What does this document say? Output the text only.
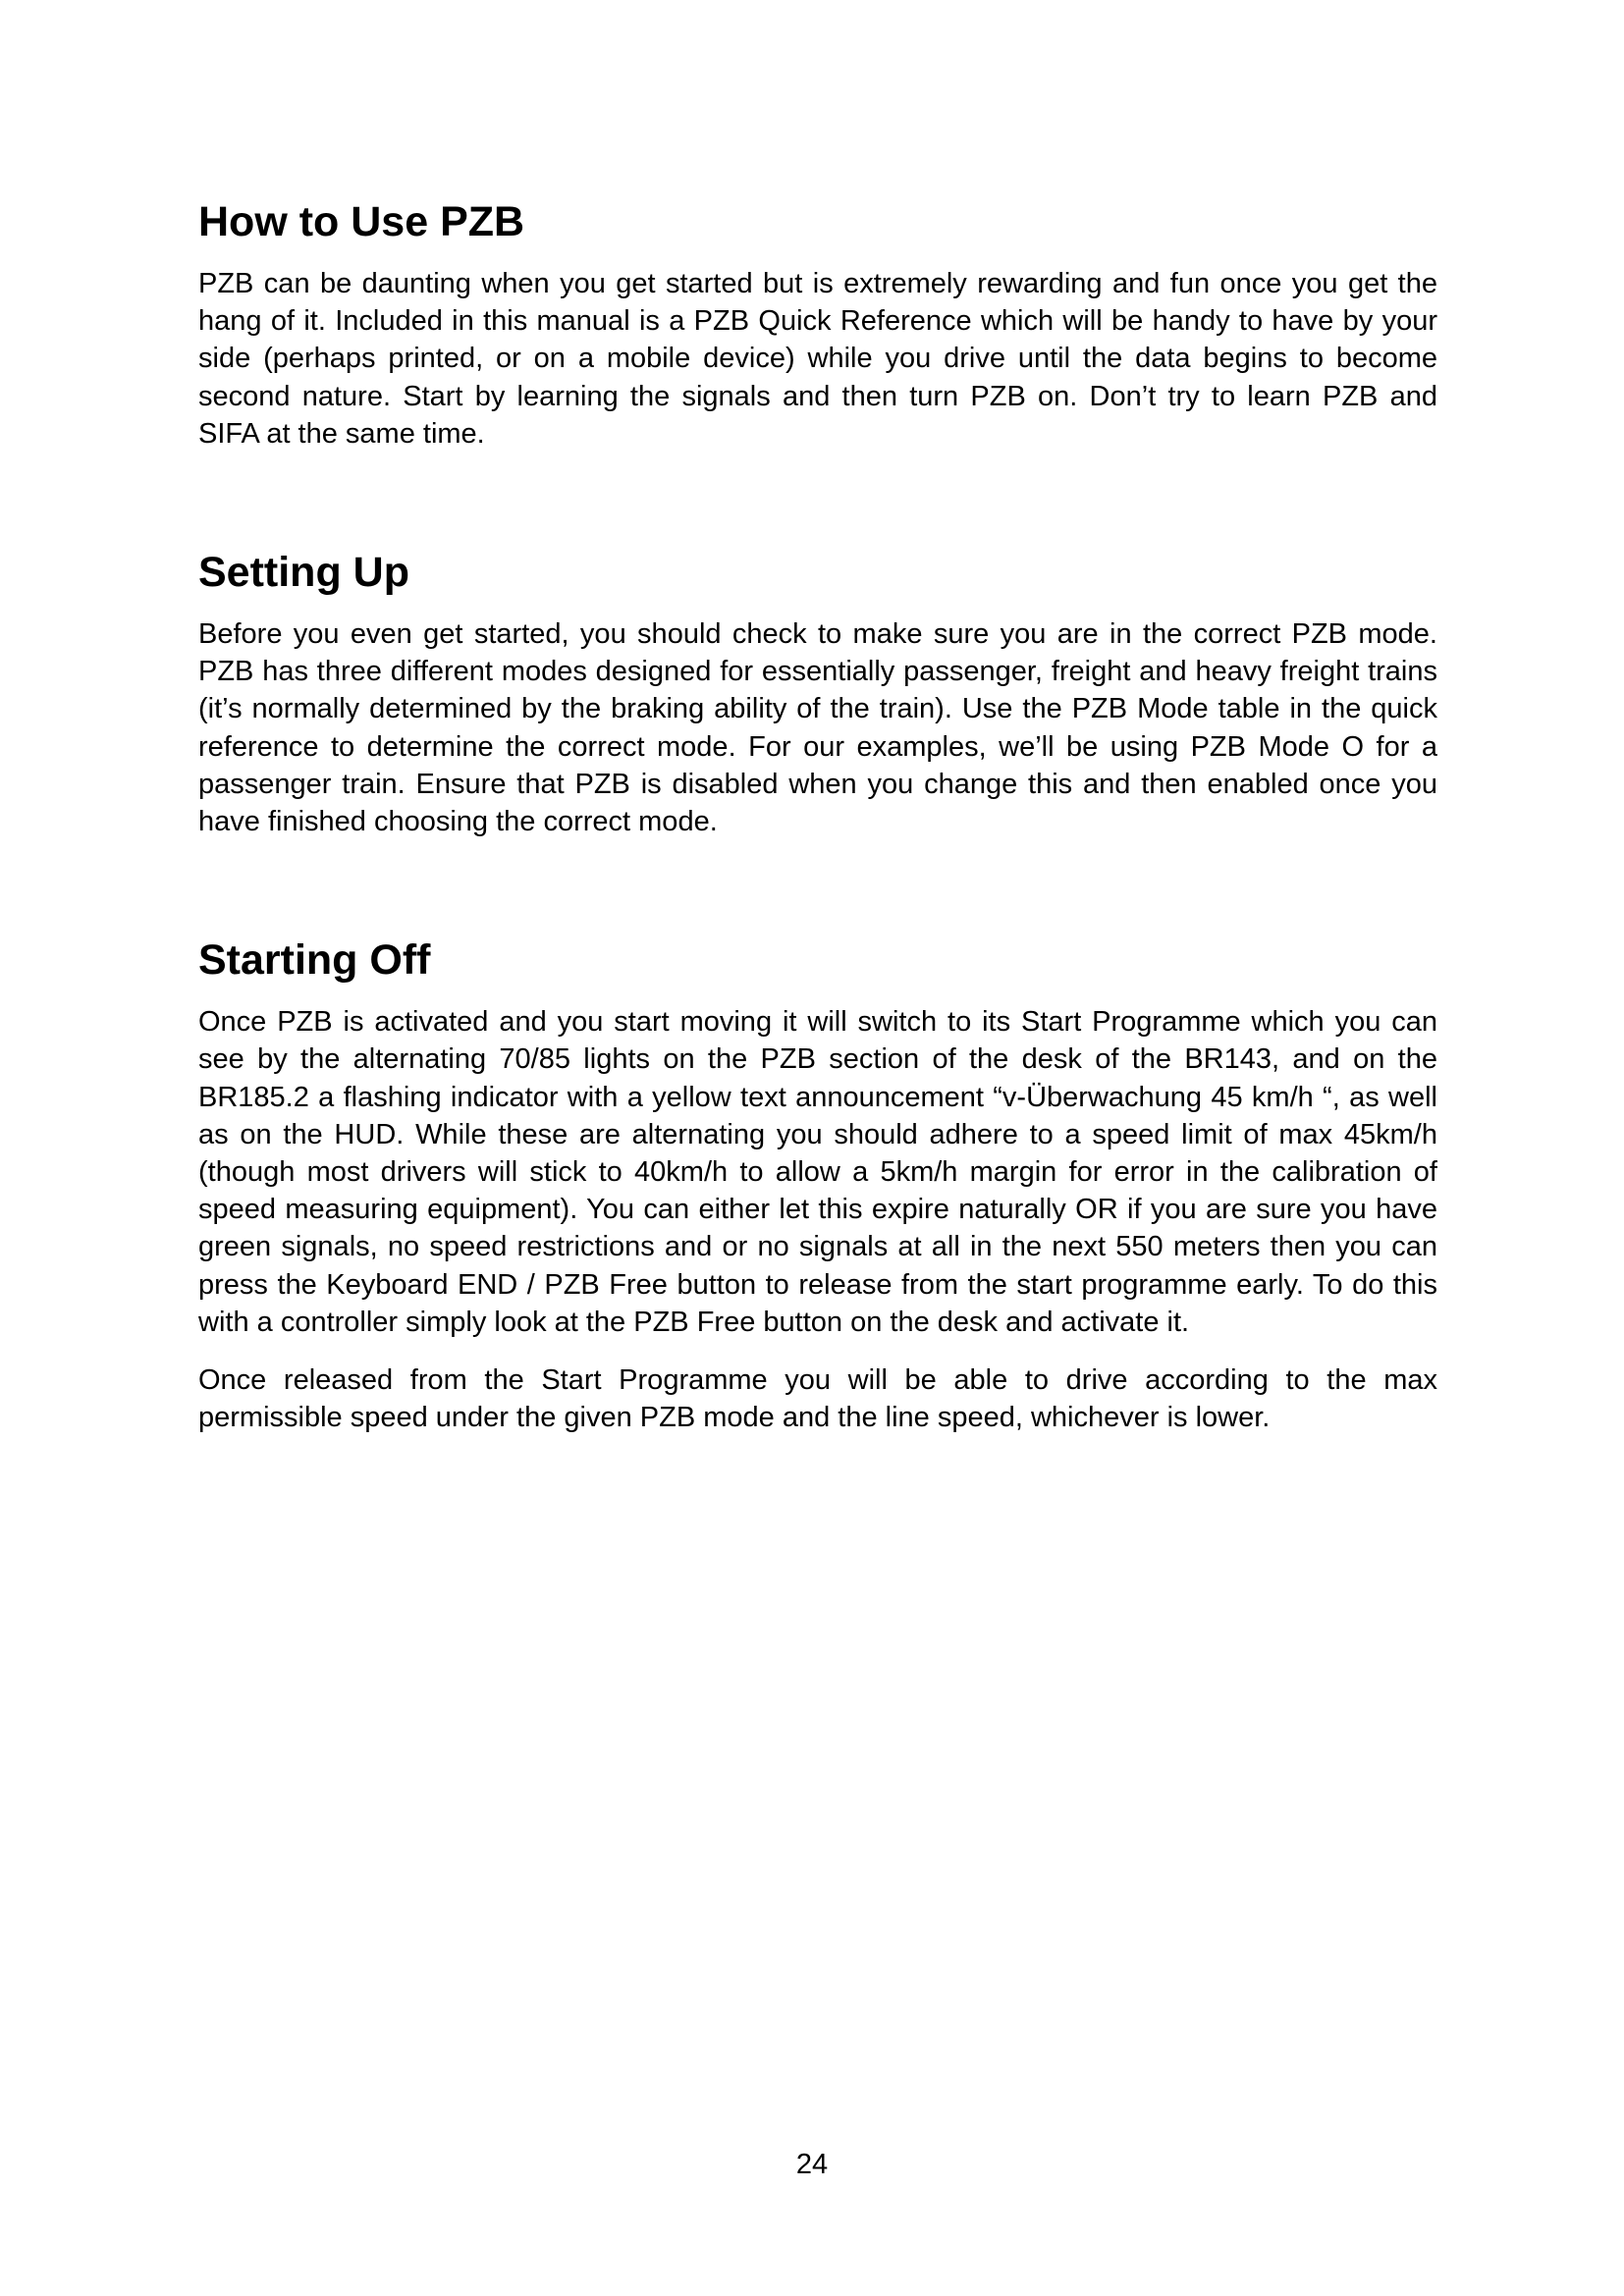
How to Use PZB

PZB can be daunting when you get started but is extremely rewarding and fun once you get the hang of it. Included in this manual is a PZB Quick Reference which will be handy to have by your side (perhaps printed, or on a mobile device) while you drive until the data begins to become second nature. Start by learning the signals and then turn PZB on. Don’t try to learn PZB and SIFA at the same time.

Setting Up

Before you even get started, you should check to make sure you are in the correct PZB mode. PZB has three different modes designed for essentially passenger, freight and heavy freight trains (it’s normally determined by the braking ability of the train). Use the PZB Mode table in the quick reference to determine the correct mode. For our examples, we’ll be using PZB Mode O for a passenger train. Ensure that PZB is disabled when you change this and then enabled once you have finished choosing the correct mode.

Starting Off

Once PZB is activated and you start moving it will switch to its Start Programme which you can see by the alternating 70/85 lights on the PZB section of the desk of the BR143, and on the BR185.2 a flashing indicator with a yellow text announcement “v-Überwachung 45 km/h “, as well as on the HUD. While these are alternating you should adhere to a speed limit of max 45km/h (though most drivers will stick to 40km/h to allow a 5km/h margin for error in the calibration of speed measuring equipment). You can either let this expire naturally OR if you are sure you have green signals, no speed restrictions and or no signals at all in the next 550 meters then you can press the Keyboard END / PZB Free button to release from the start programme early. To do this with a controller simply look at the PZB Free button on the desk and activate it.

Once released from the Start Programme you will be able to drive according to the max permissible speed under the given PZB mode and the line speed, whichever is lower.

24
